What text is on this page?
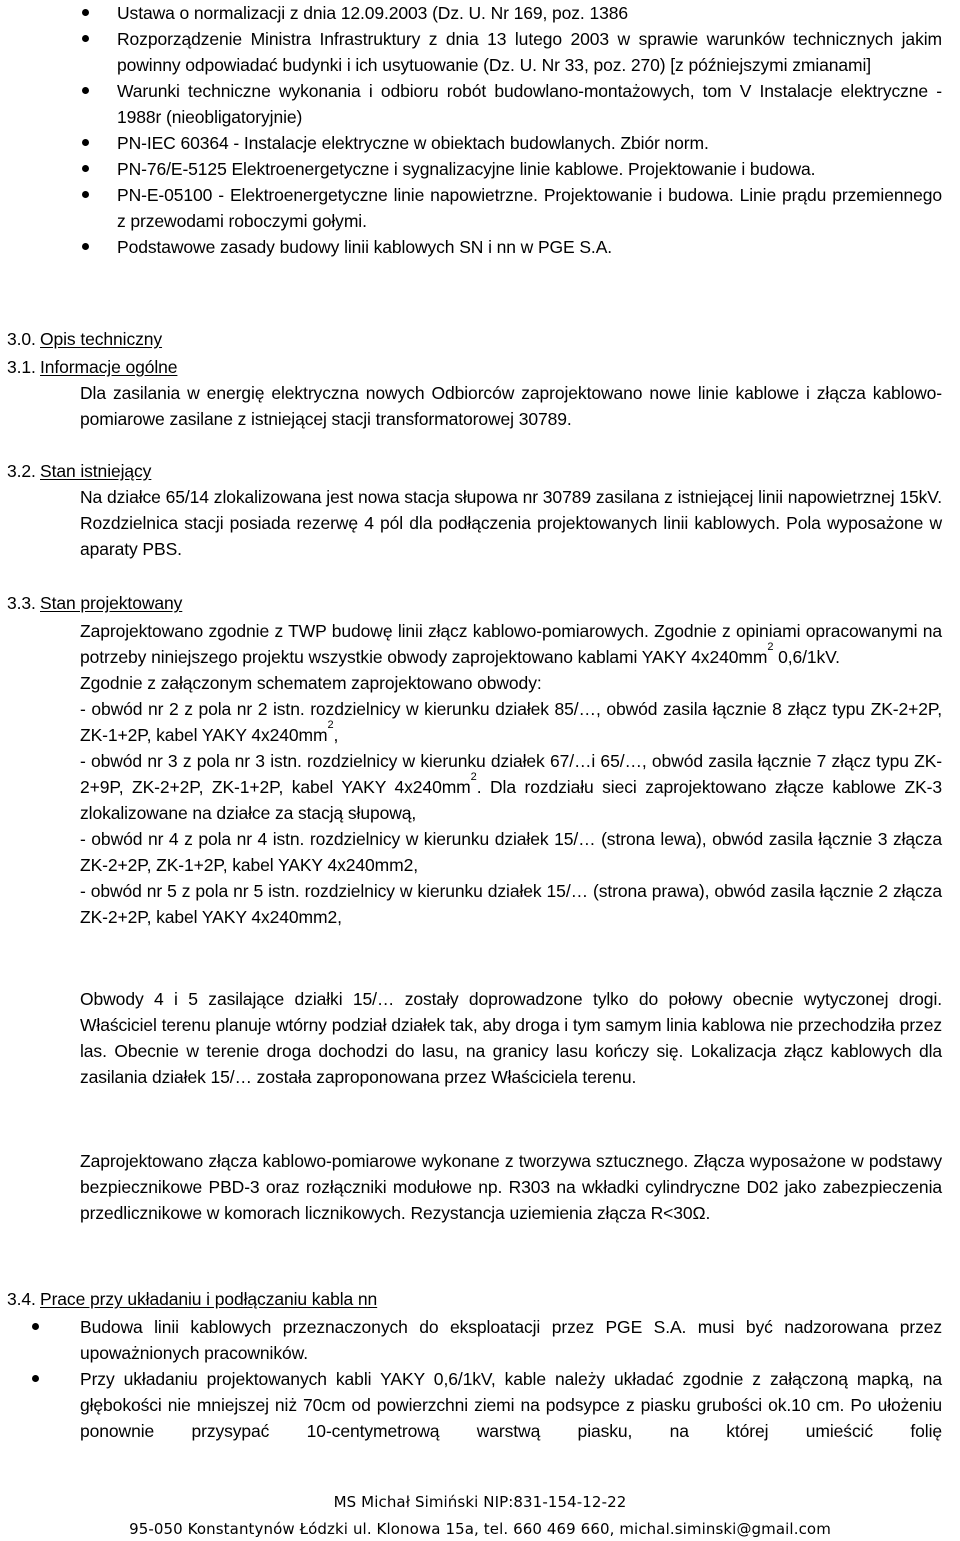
Ustawa o normalizacji z dnia 12.09.2003 (Dz. U. Nr 169, poz. 1386
Rozporządzenie Ministra Infrastruktury z dnia 13 lutego 2003 w sprawie warunków technicznych jakim powinny odpowiadać budynki i ich usytuowanie (Dz. U. Nr 33, poz. 270) [z późniejszymi zmianami]
Warunki techniczne wykonania i odbioru robót budowlano-montażowych, tom V Instalacje elektryczne - 1988r (nieobligatoryjnie)
PN-IEC 60364 - Instalacje elektryczne w obiektach budowlanych. Zbiór norm.
PN-76/E-5125 Elektroenergetyczne i sygnalizacyjne linie kablowe. Projektowanie i budowa.
PN-E-05100 - Elektroenergetyczne linie napowietrzne. Projektowanie i budowa. Linie prądu przemiennego z przewodami roboczymi gołymi.
Podstawowe zasady budowy linii kablowych SN i nn w PGE S.A.
3.0. Opis techniczny
3.1. Informacje ogólne
Dla zasilania w energię elektryczna nowych Odbiorców zaprojektowano nowe linie kablowe i złącza kablowo-pomiarowe zasilane z istniejącej stacji transformatorowej 30789.
3.2. Stan istniejący
Na działce 65/14 zlokalizowana jest nowa stacja słupowa nr 30789 zasilana z istniejącej linii napowietrznej 15kV. Rozdzielnica stacji posiada rezerwę 4 pól dla podłączenia projektowanych linii kablowych. Pola wyposażone w aparaty PBS.
3.3. Stan projektowany
Zaprojektowano zgodnie z TWP budowę linii złącz kablowo-pomiarowych. Zgodnie z opiniami opracowanymi na potrzeby niniejszego projektu wszystkie obwody zaprojektowano kablami YAKY $4x240mm^2$ 0,6/1kV.
Zgodnie z załączonym schematem zaprojektowano obwody:
- obwód nr 2 z pola nr 2 istn. rozdzielnicy w kierunku działek 85/…, obwód zasila łącznie 8 złącz typu ZK-2+2P, ZK-1+2P, kabel YAKY $4x240mm^2$,
- obwód nr 3 z pola nr 3 istn. rozdzielnicy w kierunku działek 67/…i 65/…, obwód zasila łącznie 7 złącz typu ZK-2+9P, ZK-2+2P, ZK-1+2P, kabel YAKY $4x240mm^2$. Dla rozdziału sieci zaprojektowano złącze kablowe ZK-3 zlokalizowane na działce za stacją słupową,
- obwód nr 4 z pola nr 4 istn. rozdzielnicy w kierunku działek 15/… (strona lewa), obwód zasila łącznie 3 złącza ZK-2+2P, ZK-1+2P, kabel YAKY 4x240mm2,
- obwód nr 5 z pola nr 5 istn. rozdzielnicy w kierunku działek 15/… (strona prawa), obwód zasila łącznie 2 złącza ZK-2+2P, kabel YAKY 4x240mm2,
Obwody 4 i 5 zasilające działki 15/… zostały doprowadzone tylko do połowy obecnie wytyczonej drogi. Właściciel terenu planuje wtórny podział działek tak, aby droga i tym samym linia kablowa nie przechodziła przez las. Obecnie w terenie droga dochodzi do lasu, na granicy lasu kończy się. Lokalizacja złącz kablowych dla zasilania działek 15/… została zaproponowana przez Właściciela terenu.
Zaprojektowano złącza kablowo-pomiarowe wykonane z tworzywa sztucznego. Złącza wyposażone w podstawy bezpiecznikowe PBD-3 oraz rozłączniki modułowe np. R303 na wkładki cylindryczne D02 jako zabezpieczenia przedlicznikowe w komorach licznikowych. Rezystancja uziemienia złącza R<30Ω.
3.4. Prace przy układaniu i podłączaniu kabla nn
Budowa linii kablowych przeznaczonych do eksploatacji przez PGE S.A. musi być nadzorowana przez upoważnionych pracowników.
Przy układaniu projektowanych kabli YAKY 0,6/1kV, kable należy układać zgodnie z załączoną mapką, na głębokości nie mniejszej niż 70cm od powierzchni ziemi na podsypce z piasku grubości ok.10 cm. Po ułożeniu ponownie przysypać 10-centymetrową warstwą piasku, na której umieścić folię
MS Michał Simiński NIP:831-154-12-22
95-050 Konstantynów Łódzki ul. Klonowa 15a, tel. 660 469 660, michal.siminski@gmail.com
